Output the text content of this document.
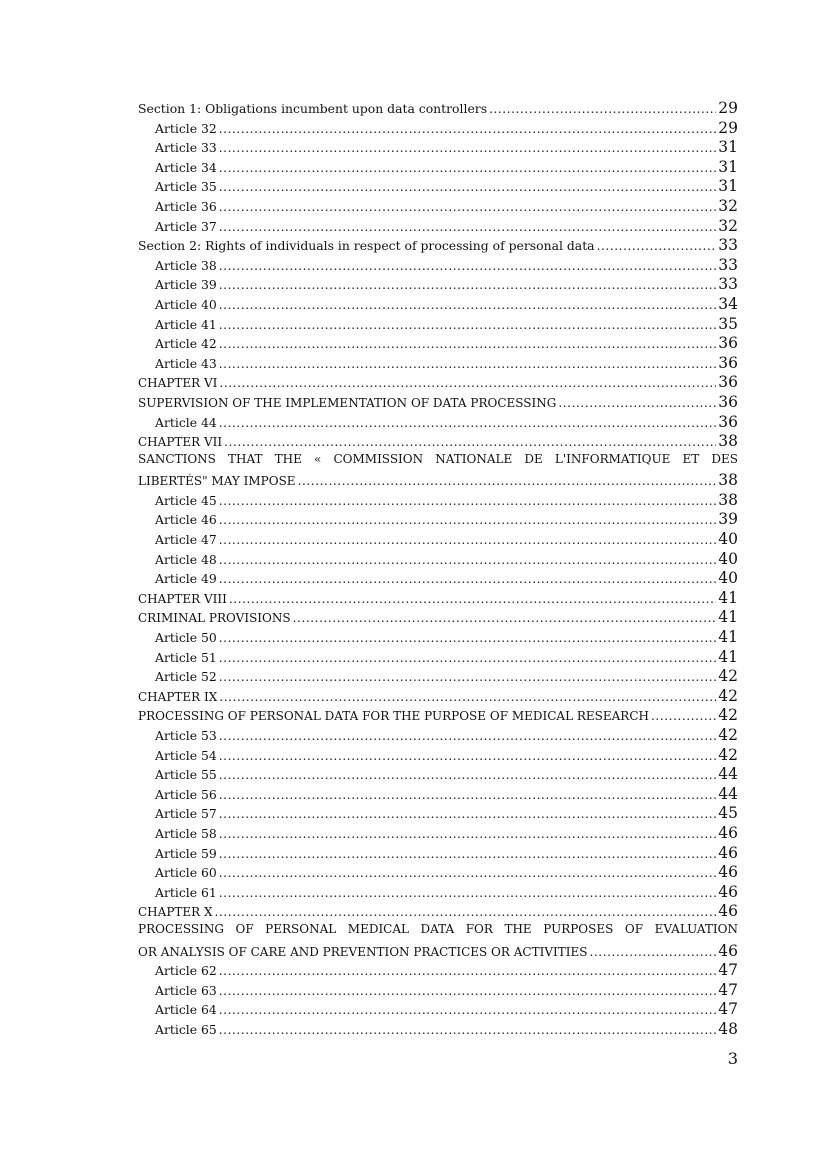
Section 1: Obligations incumbent upon data controllers .....	29
Article 32 .....	29
Article 33 .....	31
Article 34 .....	31
Article 35 .....	31
Article 36 .....	32
Article 37 .....	32
Section 2: Rights of individuals in respect of processing of personal data .....	33
Article 38 .....	33
Article 39 .....	33
Article 40 .....	34
Article 41 .....	35
Article 42 .....	36
Article 43 .....	36
CHAPTER VI .....	36
SUPERVISION OF THE IMPLEMENTATION OF DATA PROCESSING .....	36
Article 44 .....	36
CHAPTER VII .....	38
SANCTIONS THAT THE « COMMISSION NATIONALE DE L'INFORMATIQUE ET DES
LIBERTÉS" MAY IMPOSE .....	38
Article 45 .....	38
Article 46 .....	39
Article 47 .....	40
Article 48 .....	40
Article 49 .....	40
CHAPTER VIII .....	41
CRIMINAL PROVISIONS .....	41
Article 50 .....	41
Article 51 .....	41
Article 52 .....	42
CHAPTER IX .....	42
PROCESSING OF PERSONAL DATA FOR THE PURPOSE OF MEDICAL RESEARCH .....	42
Article 53 .....	42
Article 54 .....	42
Article 55 .....	44
Article 56 .....	44
Article 57 .....	45
Article 58 .....	46
Article 59 .....	46
Article 60 .....	46
Article 61 .....	46
CHAPTER X .....	46
PROCESSING OF PERSONAL MEDICAL DATA FOR THE PURPOSES OF EVALUATION
OR ANALYSIS OF CARE AND PREVENTION PRACTICES OR ACTIVITIES .....	46
Article 62 .....	47
Article 63 .....	47
Article 64 .....	47
Article 65 .....	48
3
